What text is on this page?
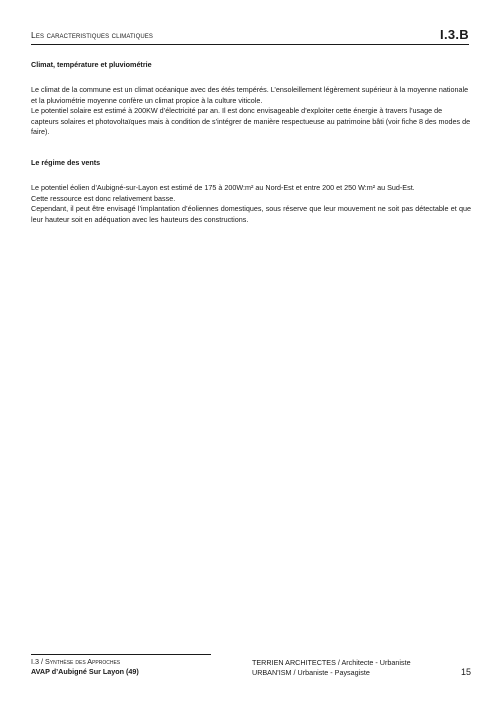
Les caracteristiques climatiques	I.3.B
Climat, température et pluviométrie

Le climat de la commune est un climat océanique avec des étés tempérés. L’ensoleillement légèrement supérieur à la moyenne nationale et la pluviométrie moyenne confère un climat propice à la culture viticole.

Le potentiel solaire est estimé à 200KW d’électricité par an. Il est donc envisageable d’exploiter cette énergie à travers l’usage de capteurs solaires et photovoltaïques mais à condition de s’intégrer de manière respectueuse au patrimoine bâti (voir fiche 8 des modes de faire).

Le régime des vents

Le potentiel éolien d’Aubigné-sur-Layon est estimé de 175 à 200W:m² au Nord-Est et entre 200 et 250 W:m² au Sud-Est.

Cette ressource est donc relativement basse.

Cependant, il peut être envisagé l’implantation d’éoliennes domestiques, sous réserve que leur mouvement ne soit pas détectable et que leur hauteur soit en adéquation avec les hauteurs des constructions.

I.3 / Synthèse des Approches
AVAP d’Aubigné Sur Layon (49)
TERRIEN ARCHITECTES / Architecte - Urbaniste
URBAN’ISM / Urbaniste - Paysagiste	15
